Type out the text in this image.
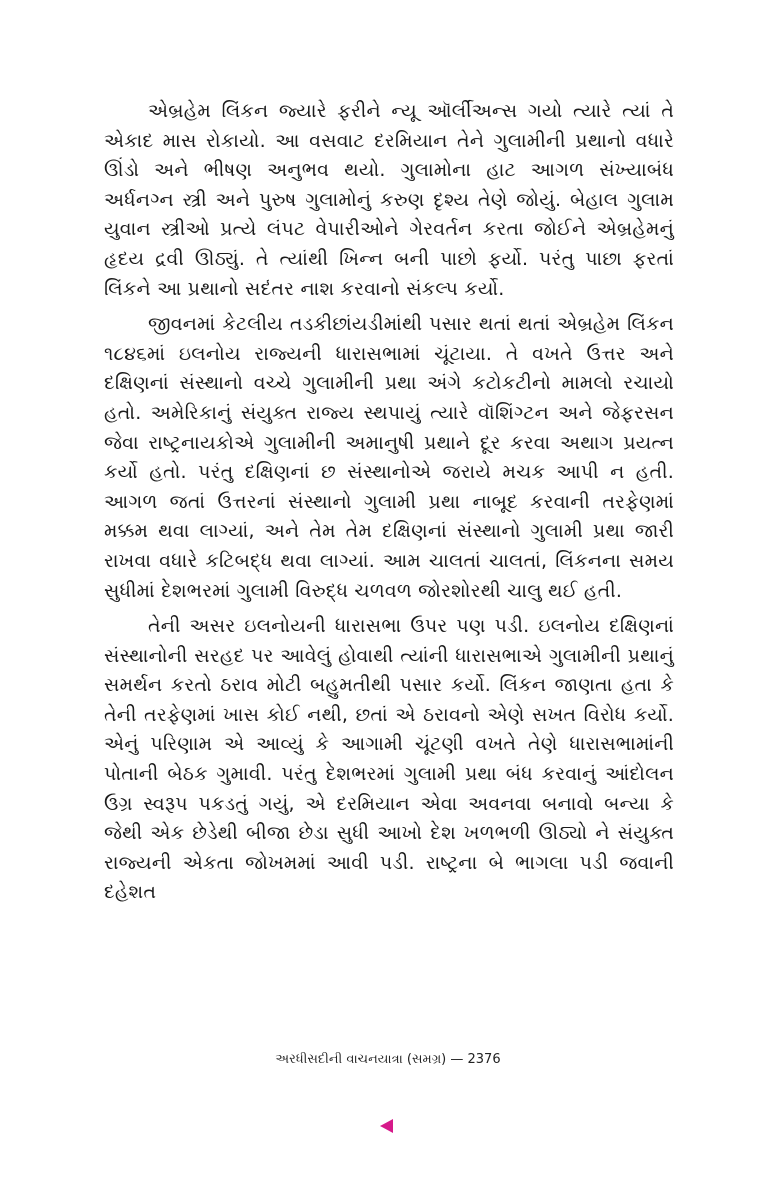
એબ્રહેમ લિંકન જ્યારે ફરીને ન્યૂ ઑર્લીઅન્સ ગયો ત્યારે ત્યાં તે એકાદ માસ રોકાયો. આ વસવાટ દરમિયાન તેને ગુલામીની પ્રથાનો વધારે ઊંડો અને ભીષણ અનુભવ થયો. ગુલામોના હાટ આગળ સંખ્યાબંધ અર્ધનગ્ન સ્ત્રી અને પુરુષ ગુલામોનું કરુણ દૃશ્ય તેણે જોયું. બેહાલ ગુલામ યુવાન સ્ત્રીઓ પ્રત્યે લંપટ વેપારીઓને ગેરવર્તન કરતા જોઈને એબ્રહેમનું હૃદય દ્રવી ઊઠ્યું. તે ત્યાંથી ખિન્ન બની પાછો ફર્યો. પરંતુ પાછા ફરતાં લિંકને આ પ્રથાનો સદંતર નાશ કરવાનો સંકલ્પ કર્યો.

જીવનમાં કેટલીય તડકીછાંયડીમાંથી પસાર થતાં થતાં એબ્રહેમ લિંકન ૧૮૪૬માં ઇલનોય રાજ્યની ધારાસભામાં ચૂંટાયા. તે વખતે ઉત્તર અને દક્ષિણનાં સંસ્થાનો વચ્ચે ગુલામીની પ્રથા અંગે કટોકટીનો મામલો રચાયો હતો. અમેરિકાનું સંયુક્ત રાજ્ય સ્થપાયું ત્યારે વૉશિંગ્ટન અને જેફરસન જેવા રાષ્ટ્રનાયકોએ ગુલામીની અમાનુષી પ્રથાને દૂર કરવા અથાગ પ્રયત્ન કર્યો હતો. પરંતુ દક્ષિણનાં છ સંસ્થાનોએ જરાયે મચક આપી ન હતી. આગળ જતાં ઉત્તરનાં સંસ્થાનો ગુલામી પ્રથા નાબૂદ કરવાની તરફેણમાં મક્કમ થવા લાગ્યાં, અને તેમ તેમ દક્ષિણનાં સંસ્થાનો ગુલામી પ્રથા જારી રાખવા વધારે કટિબદ્ધ થવા લાગ્યાં. આમ ચાલતાં ચાલતાં, લિંકનના સમય સુધીમાં દેશભરમાં ગુલામી વિરુદ્ધ ચળવળ જોરશોરથી ચાલુ થઈ હતી.

તેની અસર ઇલનોયની ધારાસભા ઉપર પણ પડી. ઇલનોય દક્ષિણનાં સંસ્થાનોની સરહદ પર આવેલું હોવાથી ત્યાંની ધારાસભાએ ગુલામીની પ્રથાનું સમર્થન કરતો ઠરાવ મોટી બહુમતીથી પસાર કર્યો. લિંકન જાણતા હતા કે તેની તરફેણમાં ખાસ કોઈ નથી, છતાં એ ઠરાવનો એણે સખત વિરોધ કર્યો. એનું પરિણામ એ આવ્યું કે આગામી ચૂંટણી વખતે તેણે ધારાસભામાંની પોતાની બેઠક ગુમાવી. પરંતુ દેશભરમાં ગુલામી પ્રથા બંધ કરવાનું આંદોલન ઉગ્ર સ્વરૂપ પકડતું ગયું, એ દરમિયાન એવા અવનવા બનાવો બન્યા કે જેથી એક છેડેથી બીજા છેડા સુધી આખો દેશ ખળભળી ઊઠ્યો ને સંયુક્ત રાજ્યની એકતા જોખમમાં આવી પડી. રાષ્ટ્રના બે ભાગલા પડી જવાની દહેશત

અરધીસદીની વાચનયાત્રા (સમગ્ર) — 2376
